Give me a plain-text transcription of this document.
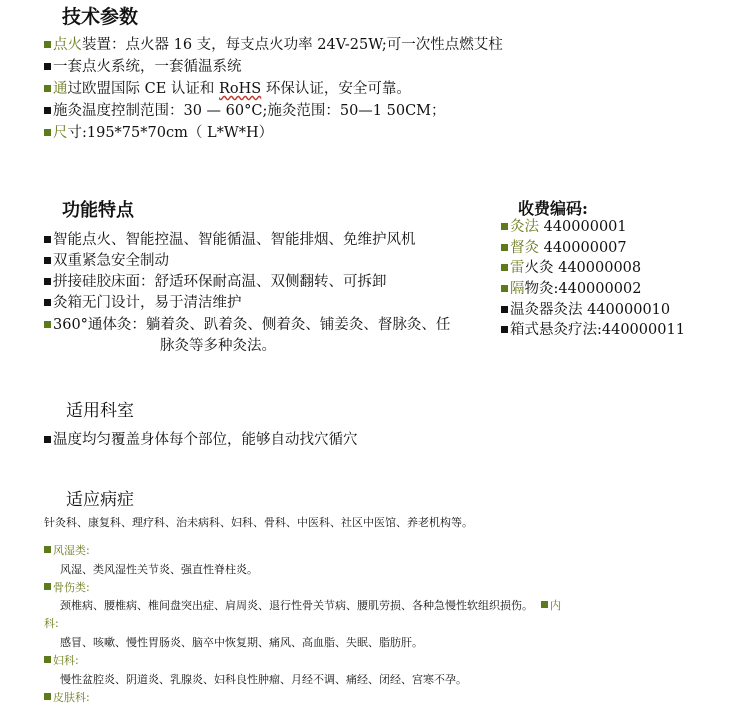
技术参数
点火装置：点火器 16 支，每支点火功率 24V-25W;可一次性点燃艾柱
一套点火系统，一套循温系统
通过欧盟国际 CE 认证和 RoHS 环保认证，安全可靠。
施灸温度控制范围：30 — 60°C;施灸范围：50—1 50CM；
尺寸:195*75*70cm（ L*W*H）
功能特点
智能点火、智能控温、智能循温、智能排烟、免维护风机
双重紧急安全制动
拼接硅胶床面：舒适环保耐高温、双侧翻转、可拆卸
灸箱无门设计，易于清洁维护
360°通体灸：躺着灸、趴着灸、侧着灸、铺姜灸、督脉灸、任
脉灸等多种灸法。
收费编码:
灸法 440000001
督灸 440000007
雷火灸 440000008
隔物灸:440000002
温灸器灸法 440000010
箱式悬灸疗法:440000011
适用科室
温度均匀覆盖身体每个部位，能够自动找穴循穴
适应病症
针灸科、康复科、理疗科、治未病科、妇科、骨科、中医科、社区中医馆、养老机构等。
风湿类:
风湿、类风湿性关节炎、强直性脊柱炎。
骨伤类:
颈椎病、腰椎病、椎间盘突出症、肩周炎、退行性骨关节病、腰肌劳损、各种急慢性软组织损伤。 内
科:
感冒、咳嗽、慢性胃肠炎、脑卒中恢复期、痛风、高血脂、失眠、脂肪肝。
妇科:
慢性盆腔炎、阴道炎、乳腺炎、妇科良性肿瘤、月经不调、痛经、闭经、宫寒不孕。
皮肤科:
